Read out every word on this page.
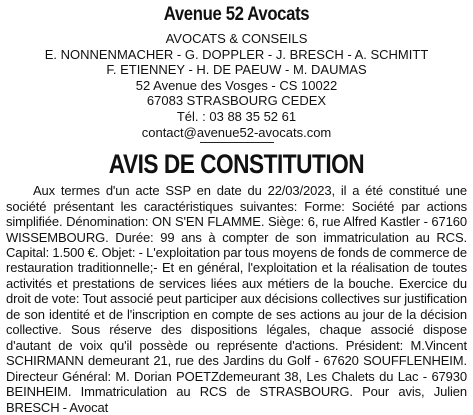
Avenue 52 Avocats
AVOCATS & CONSEILS
E. NONNENMACHER - G. DOPPLER - J. BRESCH - A. SCHMITT
F. ETIENNEY - H. DE PAEUW - M. DAUMAS
52 Avenue des Vosges - CS 10022
67083 STRASBOURG CEDEX
Tél. : 03 88 35 52 61
contact@avenue52-avocats.com
AVIS DE CONSTITUTION
Aux termes d'un acte SSP en date du 22/03/2023, il a été constitué une société présentant les caractéristiques suivantes: Forme: Société par actions simplifiée. Dénomination: ON S'EN FLAMME. Siège: 6, rue Alfred Kastler - 67160 WISSEMBOURG. Durée: 99 ans à compter de son immatriculation au RCS. Capital: 1.500 €. Objet: - L'exploitation par tous moyens de fonds de commerce de restauration traditionnelle;- Et en général, l'exploitation et la réalisation de toutes activités et prestations de services liées aux métiers de la bouche. Exercice du droit de vote: Tout associé peut participer aux décisions collectives sur justification de son identité et de l'inscription en compte de ses actions au jour de la décision collective. Sous réserve des dispositions légales, chaque associé dispose d'autant de voix qu'il possède ou représente d'actions. Président: M.Vincent SCHIRMANN demeurant 21, rue des Jardins du Golf - 67620 SOUFFLENHEIM. Directeur Général: M. Dorian POETZdemeurant 38, Les Chalets du Lac - 67930 BEINHEIM. Immatriculation au RCS de STRASBOURG. Pour avis, Julien BRESCH - Avocat
